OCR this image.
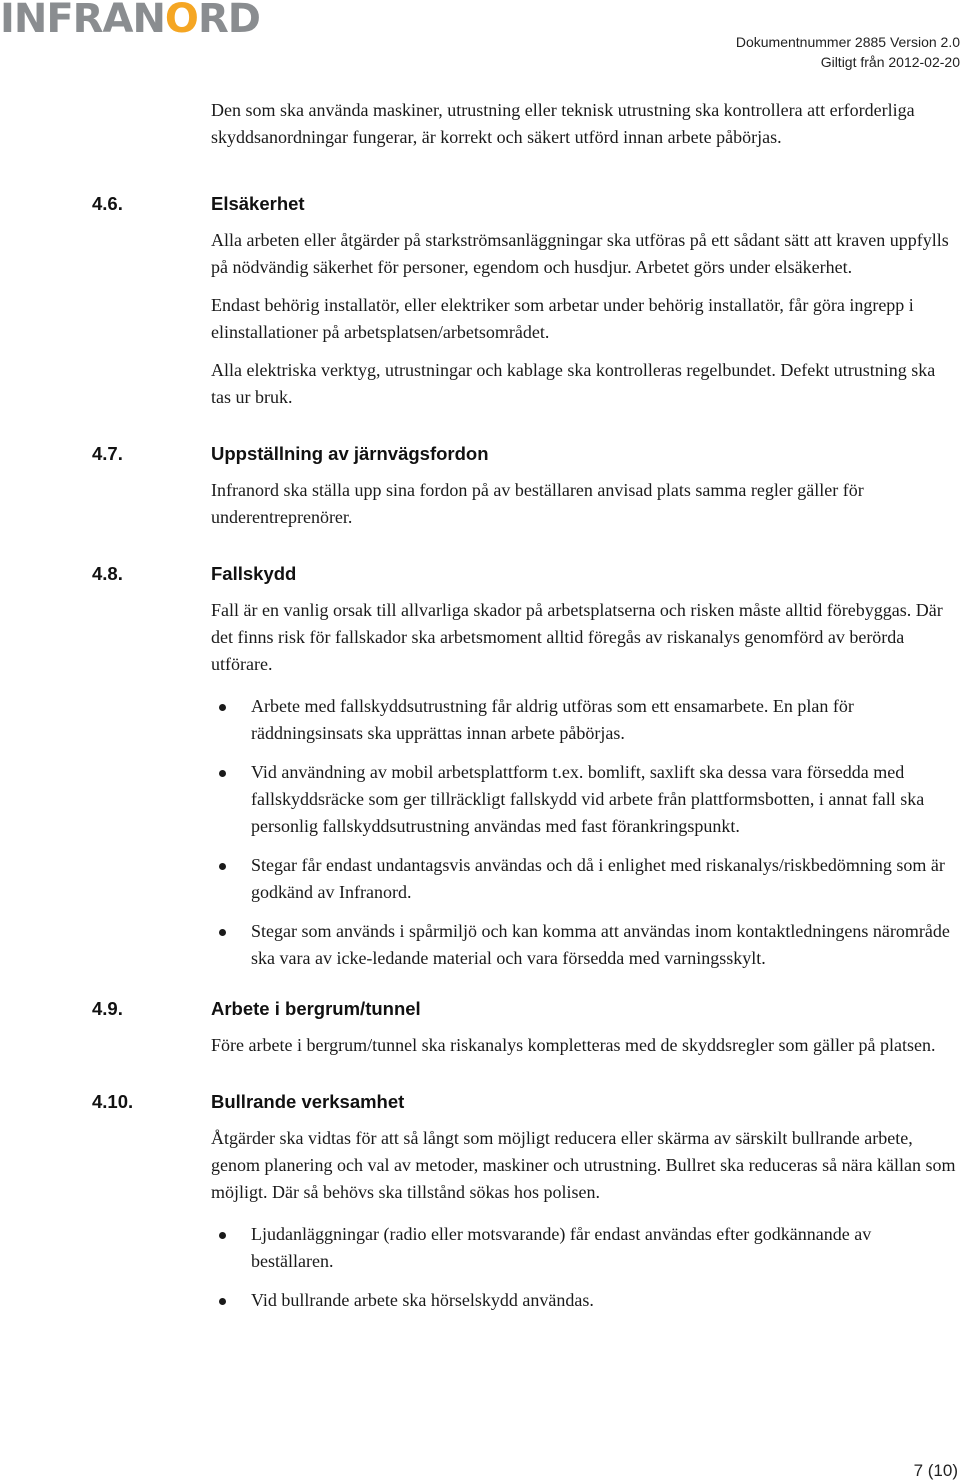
INFRAN O RD	Dokumentnummer 2885 Version 2.0
Giltigt från 2012-02-20

Den som ska använda maskiner, utrustning eller teknisk utrustning ska kontrollera att erforderliga skyddsanordningar fungerar, är korrekt och säkert utförd innan arbete påbörjas.

4.6.	Elsäkerhet

Alla arbeten eller åtgärder på starkströmsanläggningar ska utföras på ett sådant sätt att kraven uppfylls på nödvändig säkerhet för personer, egendom och husdjur. Arbetet görs under elsäkerhet.

Endast behörig installatör, eller elektriker som arbetar under behörig installatör, får göra ingrepp i elinstallationer på arbetsplatsen/arbetsområdet.

Alla elektriska verktyg, utrustningar och kablage ska kontrolleras regelbundet. Defekt utrustning ska tas ur bruk.

4.7.	Uppställning av järnvägsfordon

Infranord ska ställa upp sina fordon på av beställaren anvisad plats samma regler gäller för underentreprenörer.

4.8.	Fallskydd

Fall är en vanlig orsak till allvarliga skador på arbetsplatserna och risken måste alltid förebyggas. Där det finns risk för fallskador ska arbetsmoment alltid föregås av riskanalys genomförd av berörda utförare.

Arbete med fallskyddsutrustning får aldrig utföras som ett ensamarbete. En plan för räddningsinsats ska upprättas innan arbete påbörjas.
Vid användning av mobil arbetsplattform t.ex. bomlift, saxlift ska dessa vara försedda med fallskyddsräcke som ger tillräckligt fallskydd vid arbete från plattformsbotten, i annat fall ska personlig fallskyddsutrustning användas med fast förankringspunkt.
Stegar får endast undantagsvis användas och då i enlighet med riskanalys/riskbedömning som är godkänd av Infranord.
Stegar som används i spårmiljö och kan komma att användas inom kontaktledningens närområde ska vara av icke-ledande material och vara försedda med varningsskylt.
4.9.	Arbete i bergrum/tunnel

Före arbete i bergrum/tunnel ska riskanalys kompletteras med de skyddsregler som gäller på platsen.

4.10.	Bullrande verksamhet

Åtgärder ska vidtas för att så långt som möjligt reducera eller skärma av särskilt bullrande arbete, genom planering och val av metoder, maskiner och utrustning. Bullret ska reduceras så nära källan som möjligt. Där så behövs ska tillstånd sökas hos polisen.

Ljudanläggningar (radio eller motsvarande) får endast användas efter godkännande av beställaren.
Vid bullrande arbete ska hörselskydd användas.
7 (10)
